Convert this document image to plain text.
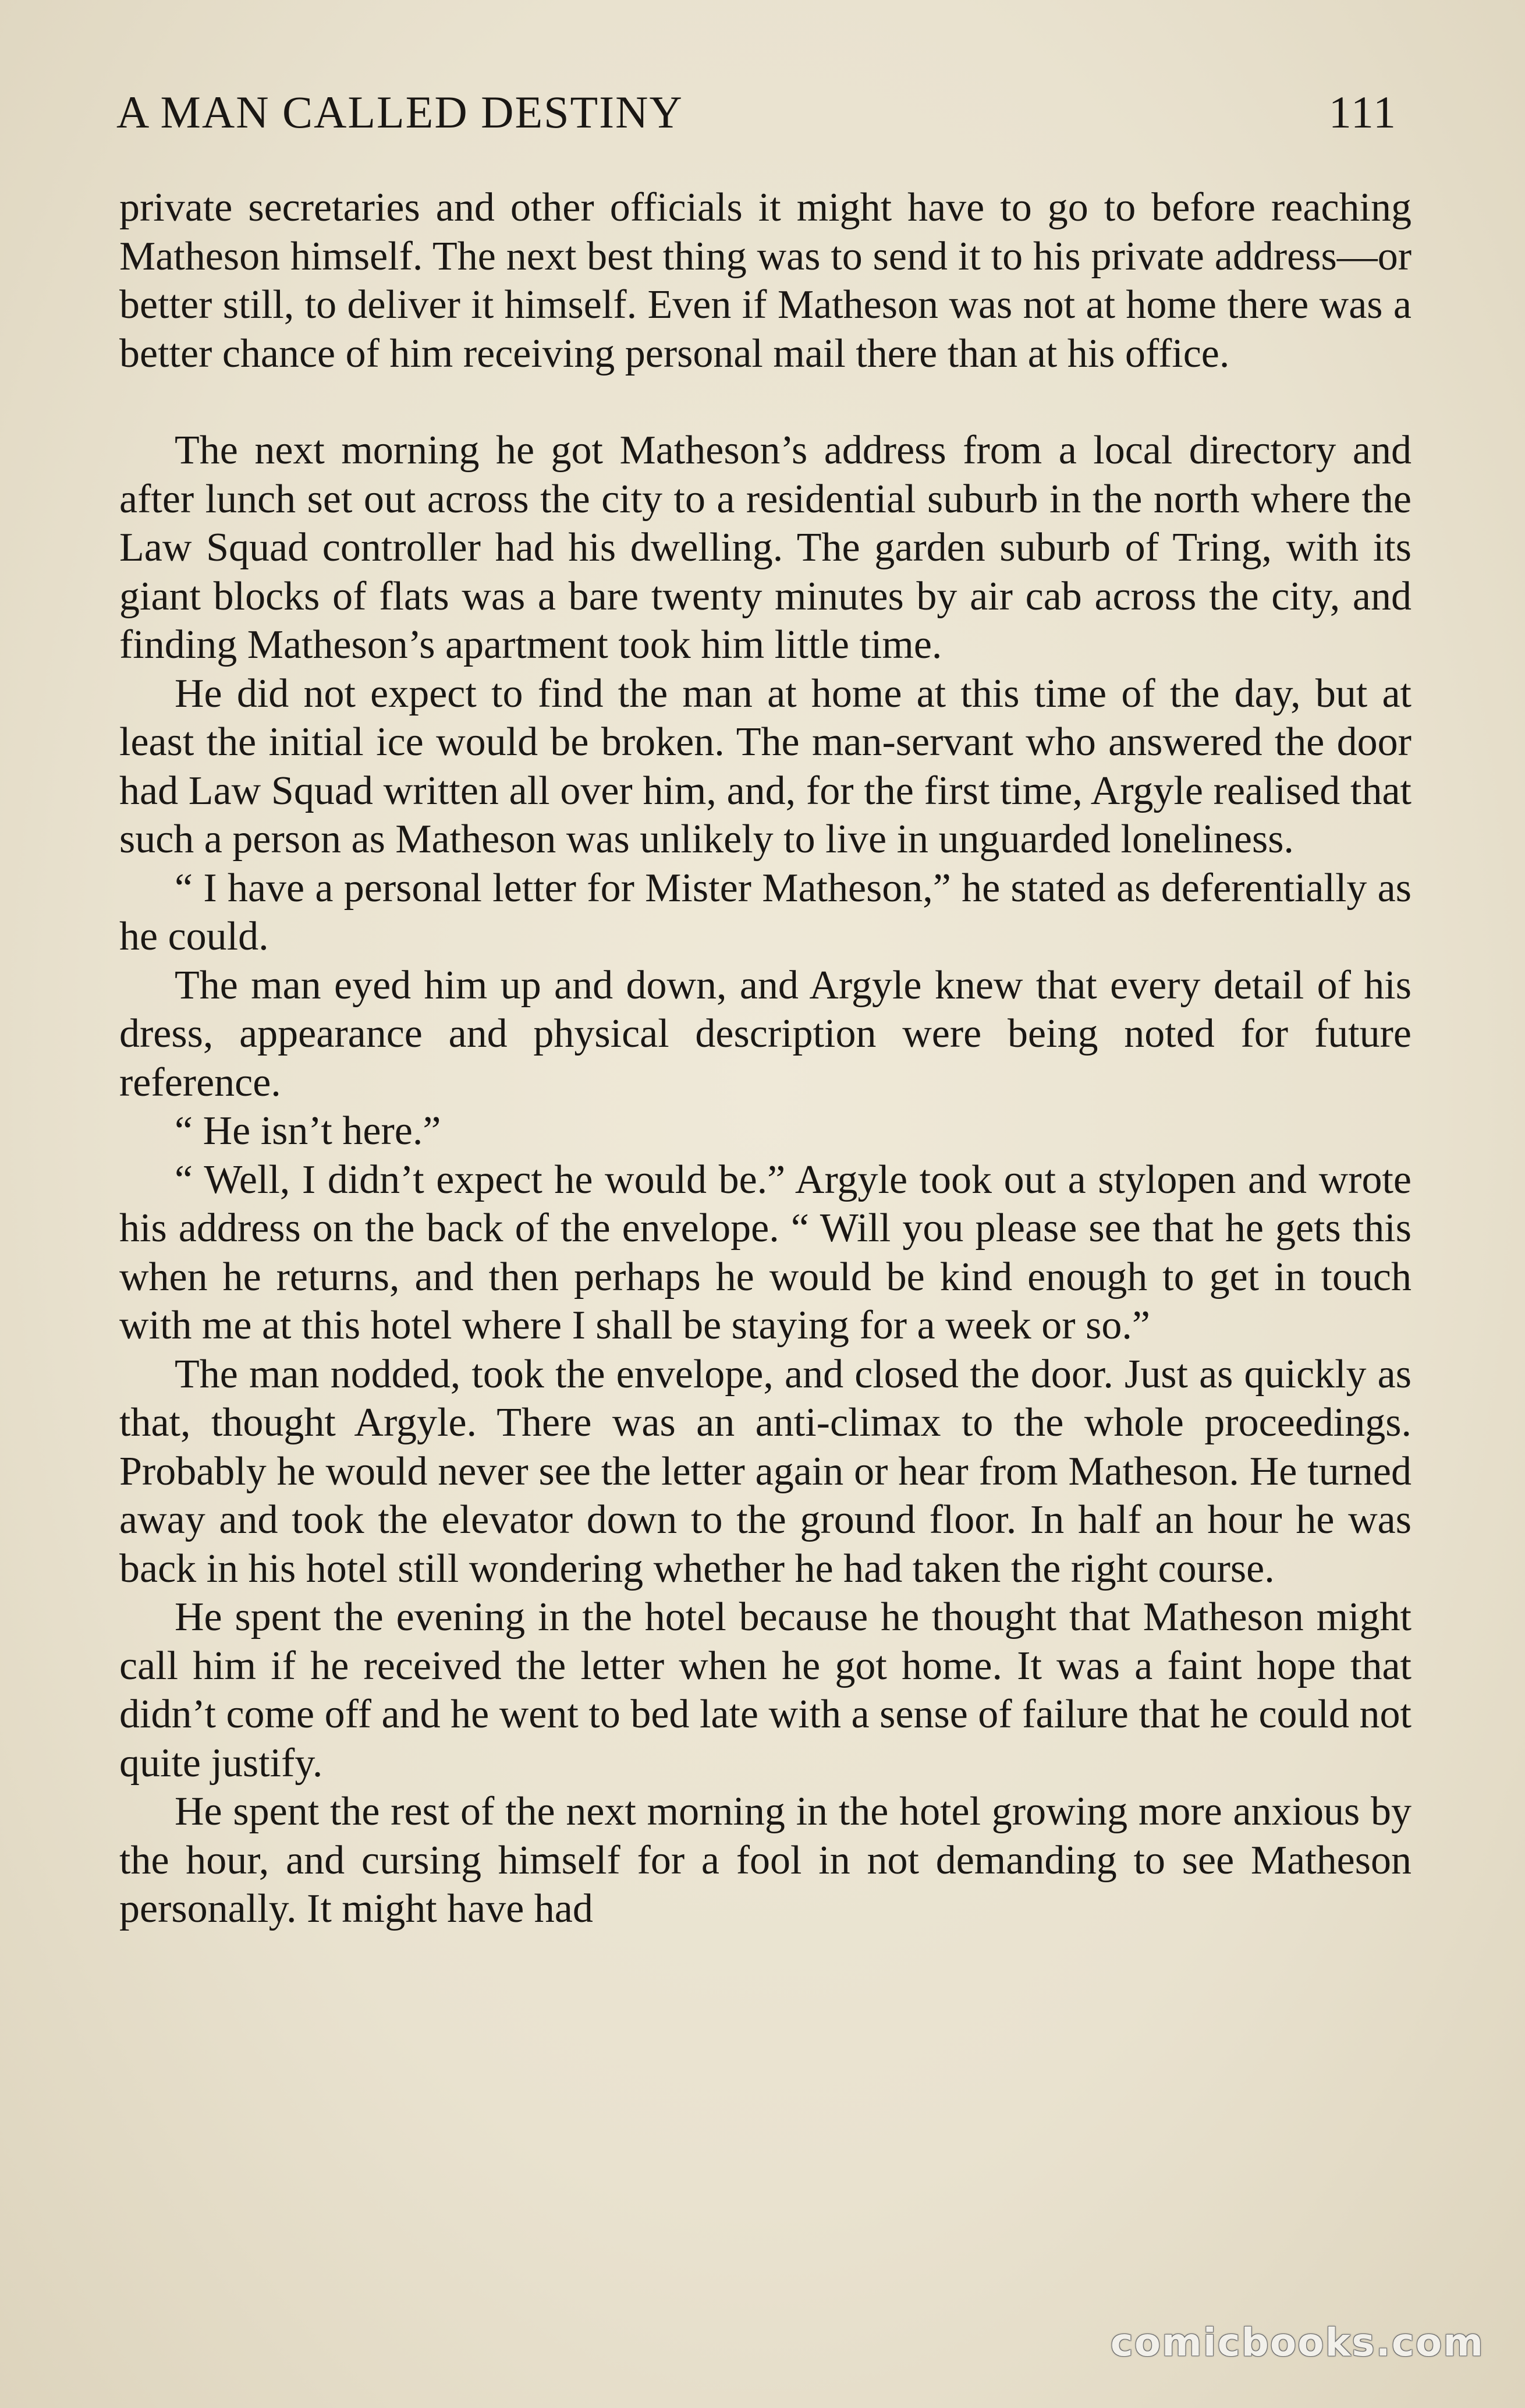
A MAN CALLED DESTINY	111

private secretaries and other officials it might have to go to before reaching Matheson himself. The next best thing was to send it to his private address—or better still, to deliver it himself. Even if Matheson was not at home there was a better chance of him receiving personal mail there than at his office.

The next morning he got Matheson’s address from a local directory and after lunch set out across the city to a residential suburb in the north where the Law Squad controller had his dwelling. The garden suburb of Tring, with its giant blocks of flats was a bare twenty minutes by air cab across the city, and finding Matheson’s apartment took him little time.

He did not expect to find the man at home at this time of the day, but at least the initial ice would be broken. The man-servant who answered the door had Law Squad written all over him, and, for the first time, Argyle realised that such a person as Matheson was unlikely to live in unguarded loneliness.

“ I have a personal letter for Mister Matheson,” he stated as deferentially as he could.

The man eyed him up and down, and Argyle knew that every detail of his dress, appearance and physical description were being noted for future reference.

“ He isn’t here.”

“ Well, I didn’t expect he would be.” Argyle took out a stylopen and wrote his address on the back of the envelope. “ Will you please see that he gets this when he returns, and then perhaps he would be kind enough to get in touch with me at this hotel where I shall be staying for a week or so.”

The man nodded, took the envelope, and closed the door. Just as quickly as that, thought Argyle. There was an anti-climax to the whole proceedings. Probably he would never see the letter again or hear from Matheson. He turned away and took the elevator down to the ground floor. In half an hour he was back in his hotel still wondering whether he had taken the right course.

He spent the evening in the hotel because he thought that Matheson might call him if he received the letter when he got home. It was a faint hope that didn’t come off and he went to bed late with a sense of failure that he could not quite justify.

He spent the rest of the next morning in the hotel growing more anxious by the hour, and cursing himself for a fool in not demanding to see Matheson personally. It might have had

comicbooks.com
